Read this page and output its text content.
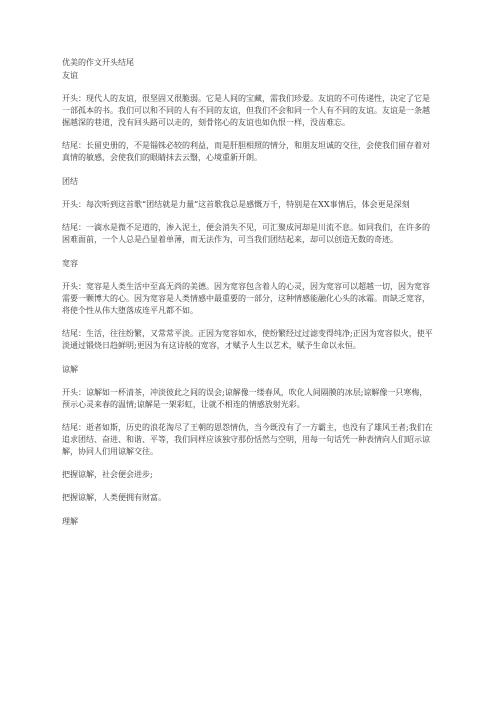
优美的作文开头结尾

友谊

开头：现代人的友谊，很坚固又很脆弱。它是人间的宝藏，需我们珍爱。友谊的不可传递性，决定了它是一部孤本的书。我们可以和不同的人有不同的友谊，但我们不会和同一个人有不同的友谊。友谊是一条越掘越深的巷道，没有回头路可以走的，刻骨铭心的友谊也如仇恨一样，没齿难忘。

结尾：长留史册的，不是锱铢必较的利益，而是肝胆相照的情分，和朋友坦诚的交往，会使我们留存着对真情的敏感，会使我们的眼睛抹去云翳，心境重新开朗。

团结

开头：每次听到这首歌“团结就是力量”这首歌我总是感慨万千，特别是在XX事情后，体会更是深刻

结尾：一滴水是微不足道的，渗入泥土，便会消失不见，可汇聚成河却是川流不息。如同我们，在许多的困难面前，一个人总是凸显着单薄，而无法作为，可当我们团结起来，却可以创造无数的奇迹。

宽容

开头：宽容是人类生活中至高无尚的美德。因为宽容包含着人的心灵，因为宽容可以超越一切，因为宽容需要一颗博大的心。因为宽容是人类情感中最重要的一部分，这种情感能融化心头的冰霜。而缺乏宽容，将使个性从伟大堕落成连平凡都不如。

结尾：生活，往往纷繁，又常常平淡。正因为宽容如水，使纷繁经过过滤变得纯净;正因为宽容似火，使平淡通过锻烧日趋鲜明;更因为有这诗般的宽容，才赋予人生以艺术，赋予生命以永恒。

谅解

开头：谅解如一杯清茶，冲淡彼此之间的误会;谅解像一缕春风，吹化人间隔膜的冰层;谅解像一只寒梅，预示心灵来春的温情;谅解是一架彩虹，让就不相连的情感放射光彩。

结尾：逝者如斯，历史的浪花淘尽了王朝的恩怨情仇，当今既没有了一方霸主，也没有了雄风王者;我们在追求团结、奋进、和谐、平等，我们同样应该独守那份恬然与空明，用每一句话凭一种表情向人们昭示谅解，协同人们用谅解交往。

把握谅解，社会便会进步;

把握谅解，人类便拥有财富。

理解
